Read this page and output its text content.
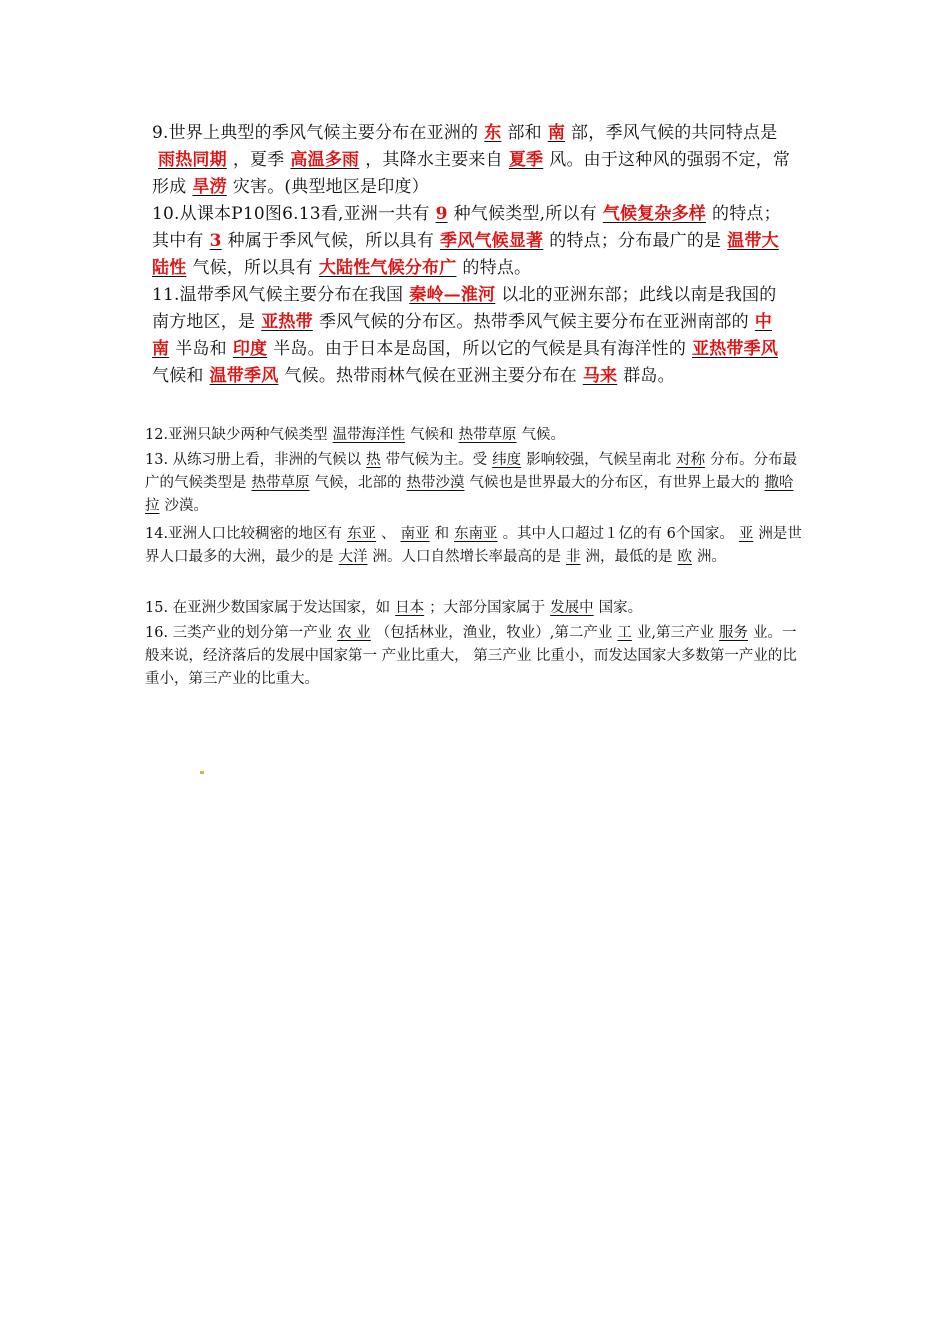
9.世界上典型的季风气候主要分布在亚洲的 东 部和 南 部，季风气候的共同特点是雨热同期 ，夏季 高温多雨 ，其降水主要来自 夏季 风。由于这种风的强弱不定，常形成 旱涝 灾害。(典型地区是印度）

10.从课本P10图6.13看,亚洲一共有 9 种气候类型,所以有 气候复杂多样 的特点；其中有 3 种属于季风气候，所以具有 季风气候显著 的特点；分布最广的是 温带大陆性 气候，所以具有 大陆性气候分布广 的特点。

11.温带季风气候主要分布在我国 秦岭—淮河 以北的亚洲东部；此线以南是我国的南方地区，是 亚热带 季风气候的分布区。热带季风气候主要分布在亚洲南部的 中南 半岛和 印度 半岛。由于日本是岛国，所以它的气候是具有海洋性的 亚热带季风气候和 温带季风 气候。热带雨林气候在亚洲主要分布在 马来 群岛。

12.亚洲只缺少两种气候类型 温带海洋性 气候和 热带草原 气候。

13. 从练习册上看，非洲的气候以 热 带气候为主。受 纬度 影响较强，气候呈南北 对称 分布。分布最广的气候类型是 热带草原 气候，北部的 热带沙漠 气候也是世界最大的分布区，有世界上最大的 撒哈拉 沙漠。

14.亚洲人口比较稠密的地区有 东亚 、 南亚 和 东南亚 。其中人口超过１亿的有 6个国家。 亚 洲是世界人口最多的大洲，最少的是 大洋 洲。人口自然增长率最高的是 非 洲，最低的是 欧 洲。

15. 在亚洲少数国家属于发达国家，如 日本 ；大部分国家属于 发展中 国家。

16. 三类产业的划分第一产业 农 业 （包括林业，渔业，牧业）,第二产业 工 业,第三产业 服务 业。一般来说，经济落后的发展中国家第一 产业比重大， 第三产业 比重小，而发达国家大多数第一产业的比重小，第三产业的比重大。
